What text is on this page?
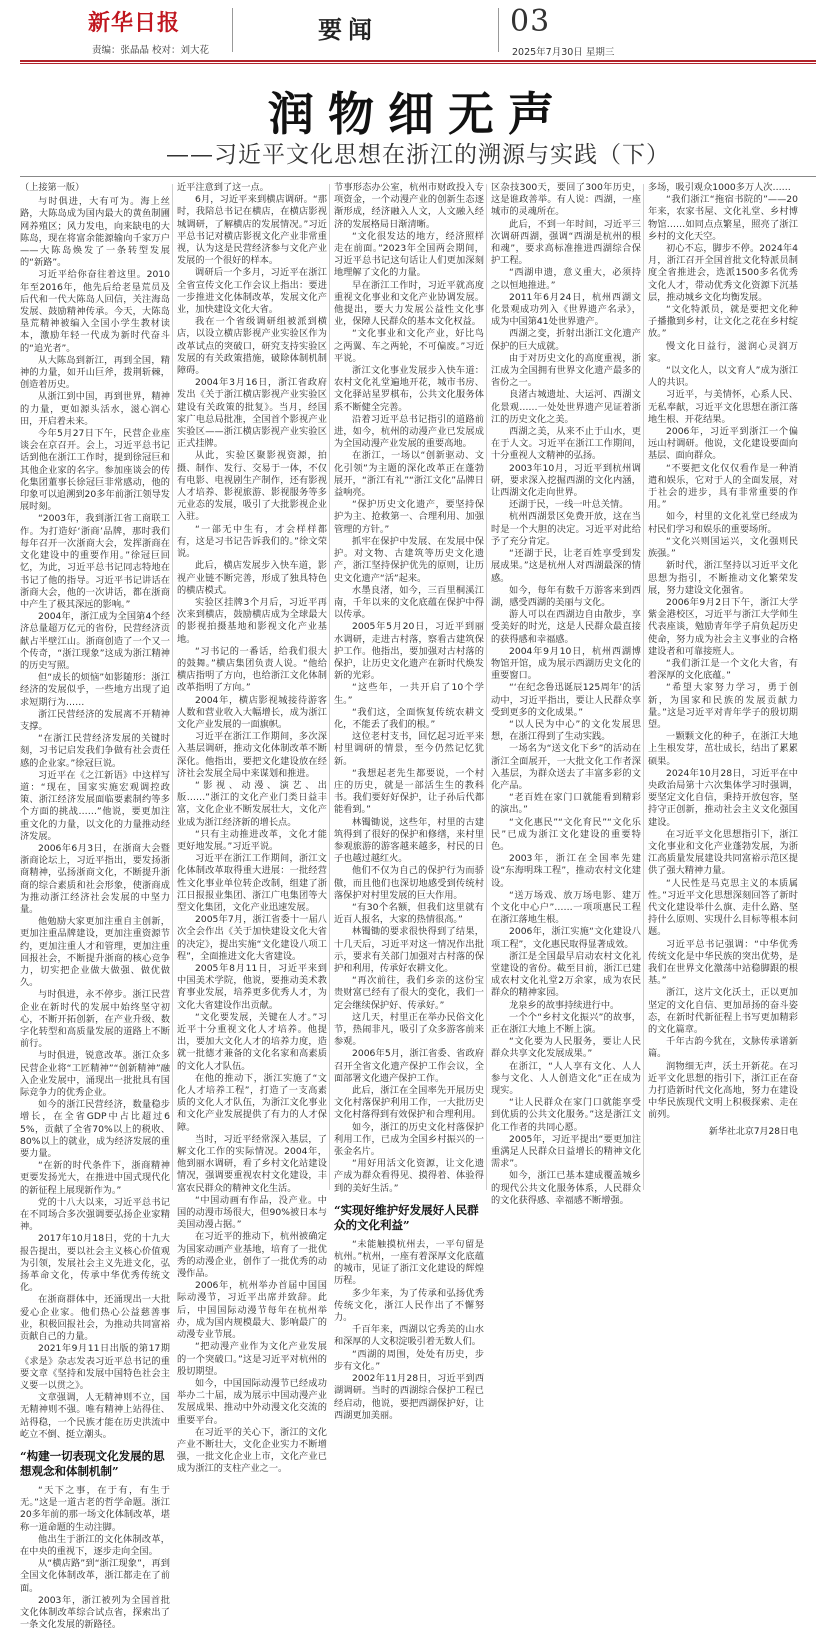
新华日报
责编：张晶晶 校对：刘大花
要闻	03
2025年7月30日 星期三
润物细无声
——习近平文化思想在浙江的溯源与实践（下）

（上接第一版）

与时俱进，大有可为。海上丝路，大陈岛成为国内最大的黄鱼制圃网养殖区；风力发电，向来缺电的大陈岛，现在将富余能源输向千家万户——大陈岛焕发了一条转型发展的“新路”。

习近平给你奋往着这里。2010年至2016年，他先后给老垦荒员及后代和一代大陈岛人回信，关注海岛发展、鼓励精神传承。今天，大陈岛垦荒精神被编入全国小学生教材读本，激励年轻一代成为新时代奋斗的“追光者”。

从大陈岛到新江，再到全国，精神的力量，如开山巨斧，拨荆斩棘，创造着历史。

从浙江到中国，再到世界，精神的力量，更如源头活水，滋心润心田，开启着未来。

今年5月27日下午，民营企业座谈会在京召开。会上，习近平总书记话到他在浙江工作时，提到徐冠巨和其他企业家的名字。参加座谈会的传化集团董事长徐冠巨非常感动，他的印象可以追溯到20多年前浙江领导发展时刻。

“2003年，我到浙江省工商联工作。为打造好‘浙商’品牌，那时我们每年召开一次浙商大会，发挥浙商在文化建设中的重要作用。”徐冠巨回忆，为此，习近平总书记同志特地在书记了他的指导。习近平书记讲话在浙商大会，他的一次讲话，都在浙商中产生了极其深远的影响。”

2004年，浙江成为全国第4个经济总量超万亿元的省份，民营经济贡献占半壁江山。浙商创造了一个又一个传奇，“浙江现象”这成为浙江精神的历史写照。

但“成长的烦恼”如影随形：浙江经济的发展似乎，一些地方出现了追求短期行为……

浙江民营经济的发展离不开精神支撑。

“在浙江民营经济发展的关键时刻，习书记启发我们争做有社会责任感的企业家。”徐冠巨说。

习近平在《之江新语》中这样写道：“现在，国家实施宏观调控政策、浙江经济发展面临要素制约等多个方面的挑战……”他说，要更加注重文化的力量，以文化的力量推动经济发展。

2006年6月3日，在浙商大会暨浙商论坛上，习近平指出，要发扬浙商精神，弘扬浙商文化，不断提升浙商的综合素质和社会形象，使浙商成为推动浙江经济社会发展的中坚力量。

他勉励大家更加注重自主创新，更加注重品牌建设，更加注重资源节约，更加注重人才和管理，更加注重回报社会，不断提升浙商的核心竞争力，切实把企业做大做强、做优做久。

与时俱进，永不停步。浙江民营企业在新时代的发展中始终坚守初心，不断开拓创新，在产业升级、数字化转型和高质量发展的道路上不断前行。

与时俱进，锐意改革。浙江众多民营企业将“工匠精神”“创新精神”融入企业发展中，涌现出一批批具有国际竞争力的优秀企业。

如今的浙江民营经济，数量稳步增长，在全省GDP中占比超过65%，贡献了全省70%以上的税收、80%以上的就业，成为经济发展的重要力量。

“在新的时代条件下，浙商精神更要发扬光大，在推进中国式现代化的新征程上展现新作为。”

党的十八大以来，习近平总书记在不同场合多次强调要弘扬企业家精神。

2017年10月18日，党的十九大报告提出，要以社会主义核心价值观为引领，发展社会主义先进文化，弘扬革命文化，传承中华优秀传统文化。

在浙商群体中，还涌现出一大批爱心企业家。他们热心公益慈善事业，积极回报社会，为推动共同富裕贡献自己的力量。

2021年9月11日出版的第17期《求是》杂志发表习近平总书记的重要文章《坚持和发展中国特色社会主义要一以贯之》。

文章强调，人无精神则不立，国无精神则不强。唯有精神上站得住、站得稳，一个民族才能在历史洪流中屹立不倒、挺立潮头。

“构建一切表现文化发展的思想观念和体制机制”

“天下之事，在于有，有生于无。”这是一道古老的哲学命题。浙江20多年前的那一场文化体制改革，堪称一道命题的生动注脚。

他出生于浙江的文化体制改革，在中央的重视下，逐步走向全国。

从“横店路”到“浙江现象”，再到全国文化体制改革，浙江都走在了前面。

2003年，浙江被列为全国首批文化体制改革综合试点省，探索出了一条文化发展的新路径。

近平注意到了这一点。

6月，习近平来到横店调研。“那时，我陪总书记在横店，在横店影视城调研，了解横店的发展情况。”习近平总书记对横店影视文化产业非常重视，认为这是民营经济参与文化产业发展的一个很好的样本。

调研后一个多月，习近平在浙江全省宣传文化工作会议上指出：要进一步推进文化体制改革，发展文化产业，加快建设文化大省。

我在一个省级调研组被派到横店，以设立横店影视产业实验区作为改革试点的突破口，研究支持实验区发展的有关政策措施，破除体制机制障碍。

2004年3月16日，浙江省政府发出《关于浙江横店影视产业实验区建设有关政策的批复》。当月，经国家广电总局批准，全国首个影视产业实验区——浙江横店影视产业实验区正式挂牌。

从此，实验区聚影视资源，拍摄、制作、发行、交易于一体，不仅有电影、电视剧生产制作，还有影视人才培养、影视旅游、影视服务等多元业态的发展，吸引了大批影视企业入驻。

“一部无中生有，才会样样都有，这是习书记告诉我们的。”徐文荣说。

此后，横店发展步入快车道，影视产业链不断完善，形成了独具特色的横店模式。

实验区挂牌3个月后，习近平再次来到横店，鼓励横店成为全球最大的影视拍摄基地和影视文化产业基地。

“习书记的一番话，给我们很大的鼓舞。”横店集团负责人说。“他给横店指明了方向，也给浙江文化体制改革指明了方向。”

2004年，横店影视城接待游客人数和营业收入大幅增长，成为浙江文化产业发展的一面旗帜。

习近平在浙江工作期间，多次深入基层调研，推动文化体制改革不断深化。他指出，要把文化建设放在经济社会发展全局中来谋划和推进。

“影视、动漫、演艺、出版……”浙江的文化产业门类日益丰富，文化企业不断发展壮大，文化产业成为浙江经济新的增长点。

“只有主动推进改革，文化才能更好地发展。”习近平说。

习近平在浙江工作期间，浙江文化体制改革取得重大进展：一批经营性文化事业单位转企改制，组建了浙江日报报业集团、浙江广电集团等大型文化集团，文化产业迅速发展。

2005年7月，浙江省委十一届八次全会作出《关于加快建设文化大省的决定》，提出实施“文化建设八项工程”，全面推进文化大省建设。

2005年8月11日，习近平来到中国美术学院，他说，要推动美术教育事业发展，培养更多优秀人才，为文化大省建设作出贡献。

“文化要发展，关键在人才。”习近平十分重视文化人才培养。他提出，要加大文化人才的培养力度，造就一批德才兼备的文化名家和高素质的文化人才队伍。

在他的推动下，浙江实施了“文化人才培养工程”，打造了一支高素质的文化人才队伍，为浙江文化事业和文化产业发展提供了有力的人才保障。

当时，习近平经常深入基层，了解文化工作的实际情况。2004年，他到丽水调研，看了乡村文化站建设情况，强调要重视农村文化建设，丰富农民群众的精神文化生活。

“中国动画有作品，没产业。中国的动漫市场很大，但90%被日本与美国动漫占据。”

在习近平的推动下，杭州被确定为国家动画产业基地，培育了一批优秀的动漫企业，创作了一批优秀的动漫作品。

2006年，杭州举办首届中国国际动漫节，习近平出席并致辞。此后，中国国际动漫节每年在杭州举办，成为国内规模最大、影响最广的动漫专业节展。

“把动漫产业作为文化产业发展的一个突破口。”这是习近平对杭州的殷切期望。

如今，中国国际动漫节已经成功举办二十届，成为展示中国动漫产业发展成果、推动中外动漫文化交流的重要平台。

在习近平的关心下，浙江的文化产业不断壮大，文化企业实力不断增强，一批文化企业上市，文化产业已成为浙江的支柱产业之一。

节事形态办公室，杭州市财政投入专项资金，一个动漫产业的创新生态逐渐形成，经济融入人文，人文融入经济的发展格局日渐清晰。

“文化很发达的地方，经济照样走在前面。”2023年全国两会期间，习近平总书记这句话让人们更加深刻地理解了文化的力量。

早在浙江工作时，习近平就高度重视文化事业和文化产业协调发展。他提出，要大力发展公益性文化事业，保障人民群众的基本文化权益。

“文化事业和文化产业，好比鸟之两翼、车之两轮，不可偏废。”习近平说。

浙江文化事业发展步入快车道：农村文化礼堂遍地开花，城市书房、文化驿站星罗棋布，公共文化服务体系不断健全完善。

沿着习近平总书记指引的道路前进，如今，杭州的动漫产业已发展成为全国动漫产业发展的重要高地。

在浙江，一场以“创新驱动、文化引领”为主题的深化改革正在蓬勃展开，“浙江有礼”“浙江文化”品牌日益响亮。

“保护历史文化遗产，要坚持保护为主、抢救第一、合理利用、加强管理的方针。”

抓牢在保护中发展、在发展中保护。对文物、古建筑等历史文化遗产，浙江坚持保护优先的原则，让历史文化遗产“活”起来。

水墨良渚，如今，三百里桐溪江南，千年以来的文化底蕴在保护中得以传承。

2005年5月20日，习近平到丽水调研，走进古村落，察看古建筑保护工作。他指出，要加强对古村落的保护，让历史文化遗产在新时代焕发新的光彩。

“这些年，一共开启了10个学生。”

“我们这，全面恢复传统农耕文化，不能丢了我们的根。”

这位老村支书，回忆起习近平来村里调研的情景，至今仍然记忆犹新。

“我想起老先生都要说，一个村庄的历史，就是一部活生生的教科书。我们要好好保护，让子孙后代都能看到。”

林镯锄说，这些年，村里的古建筑得到了很好的保护和修缮，来村里参观旅游的游客越来越多，村民的日子也越过越红火。

他们不仅为自己的保护行为而骄傲，而且他们也深切地感受到传统村落保护对村里发展的巨大作用。

“有30个名额，但我们这里就有近百人报名，大家的热情很高。”

林镯锄的要求很快得到了结果，十几天后，习近平对这一情况作出批示，要求有关部门加强对古村落的保护和利用，传承好农耕文化。

“再次前往，我们乡亲的这份宝贵财富已经有了很大的变化，我们一定会继续保护好、传承好。”

这几天，村里正在举办民俗文化节，热闹非凡，吸引了众多游客前来参观。

2006年5月，浙江省委、省政府召开全省文化遗产保护工作会议，全面部署文化遗产保护工作。

此后，浙江在全国率先开展历史文化村落保护利用工作，一大批历史文化村落得到有效保护和合理利用。

如今，浙江的历史文化村落保护利用工作，已成为全国乡村振兴的一张金名片。

“用好用活文化资源，让文化遗产成为群众看得见、摸得着、体验得到的美好生活。”

“实现好维护好发展好人民群众的文化利益”

“未能触摸杭州去，一平句留是杭州。”杭州，一座有着深厚文化底蕴的城市，见证了浙江文化建设的辉煌历程。

多少年来，为了传承和弘扬优秀传统文化，浙江人民作出了不懈努力。

千百年来，西湖以它秀美的山水和深厚的人文积淀吸引着无数人们。

“西湖的周围，处处有历史，步步有文化。”

2002年11月28日，习近平到西湖调研。当时的西湖综合保护工程已经启动，他说，要把西湖保护好，让西湖更加美丽。

区杂技300天，要回了300年历史，这是谁政善举。有人说：西湖，一座城市的灵魂所在。

此后，不到一年时间，习近平三次调研西湖，强调“西湖是杭州的根和魂”，要求高标准推进西湖综合保护工程。

“西湖申遗，意义重大，必须持之以恒地推进。”

2011年6月24日，杭州西湖文化景观成功列入《世界遗产名录》，成为中国第41处世界遗产。

西湖之变，折射出浙江文化遗产保护的巨大成就。

由于对历史文化的高度重视，浙江成为全国拥有世界文化遗产最多的省份之一。

良渚古城遗址、大运河、西湖文化景观……一处处世界遗产见证着浙江的历史文化之美。

西湖之美，从来不止于山水，更在于人文。习近平在浙江工作期间，十分重视人文精神的弘扬。

2003年10月，习近平到杭州调研，要求深入挖掘西湖的文化内涵，让西湖文化走向世界。

还湖于民，一线一叶总关情。

杭州西湖景区免费开放，这在当时是一个大胆的决定。习近平对此给予了充分肯定。

“还湖于民，让老百姓享受到发展成果。”这是杭州人对西湖最深的情感。

如今，每年有数千万游客来到西湖，感受西湖的美丽与文化。

游人可以在西湖边自由散步，享受美好的时光，这是人民群众最直接的获得感和幸福感。

2004年9月10日，杭州西湖博物馆开馆，成为展示西湖历史文化的重要窗口。

“‘在纪念鲁迅诞辰125周年’的活动中，习近平指出，要让人民群众享受到更多的文化成果。”

“以人民为中心”的文化发展思想，在浙江得到了生动实践。

一场名为“送文化下乡”的活动在浙江全面展开，一大批文化工作者深入基层，为群众送去了丰富多彩的文化产品。

“老百姓在家门口就能看到精彩的演出。”

“文化惠民”“文化育民”“文化乐民”已成为浙江文化建设的重要特色。

2003年，浙江在全国率先建设“东海明珠工程”，推动农村文化建设。

“送万场戏、放万场电影、建万个文化中心户”……一项项惠民工程在浙江落地生根。

2006年，浙江实施“文化建设八项工程”，文化惠民取得显著成效。

浙江是全国最早启动农村文化礼堂建设的省份。截至目前，浙江已建成农村文化礼堂2万余家，成为农民群众的精神家园。

龙泉乡的故事持续进行中。

一个个“乡村文化振兴”的故事，正在浙江大地上不断上演。

“文化要为人民服务，要让人民群众共享文化发展成果。”

在浙江，“人人享有文化、人人参与文化、人人创造文化”正在成为现实。

“让人民群众在家门口就能享受到优质的公共文化服务。”这是浙江文化工作者的共同心愿。

2005年，习近平提出“要更加注重满足人民群众日益增长的精神文化需求”。

如今，浙江已基本建成覆盖城乡的现代公共文化服务体系，人民群众的文化获得感、幸福感不断增强。

多场，吸引观众1000多万人次……

“我们浙江“拖宿书院的”——20年来，农家书屋、文化礼堂、乡村博物馆……如同点点繁星，照亮了浙江乡村的文化天空。

初心不忘，脚步不停。2024年4月，浙江召开全国首批文化特派员制度全省推进会，选派1500多名优秀文化人才，带动优秀文化资源下沉基层，推动城乡文化均衡发展。

“文化特派员，就是要把文化种子播撒到乡村，让文化之花在乡村绽放。”

慢文化日益行，滋润心灵润万家。

“以文化人，以文育人”成为浙江人的共识。

习近平，与美情怀，心系人民、无私奉献，习近平文化思想在浙江落地生根、开花结果。

2006年，习近平到浙江一个偏远山村调研。他说，文化建设要面向基层、面向群众。

“不要把文化仅仅看作是一种消遣和娱乐，它对于人的全面发展，对于社会的进步，具有非常重要的作用。”

如今，村里的文化礼堂已经成为村民们学习和娱乐的重要场所。

“文化兴则国运兴，文化强则民族强。”

新时代，浙江坚持以习近平文化思想为指引，不断推动文化繁荣发展，努力建设文化强省。

2006年9月2日下午，浙江大学紫金港校区，习近平与浙江大学师生代表座谈，勉励青年学子肩负起历史使命，努力成为社会主义事业的合格建设者和可靠接班人。

“我们浙江是一个文化大省，有着深厚的文化底蕴。”

“希望大家努力学习，勇于创新，为国家和民族的发展贡献力量。”这是习近平对青年学子的殷切期望。

一颗颗文化的种子，在浙江大地上生根发芽，茁壮成长，结出了累累硕果。

2024年10月28日，习近平在中央政治局第十六次集体学习时强调，要坚定文化自信，秉持开放包容，坚持守正创新，推动社会主义文化强国建设。

在习近平文化思想指引下，浙江文化事业和文化产业蓬勃发展，为浙江高质量发展建设共同富裕示范区提供了强大精神力量。

“人民性是马克思主义的本质属性。”习近平文化思想深刻回答了新时代文化建设举什么旗、走什么路、坚持什么原则、实现什么目标等根本问题。

习近平总书记强调：“中华优秀传统文化是中华民族的突出优势，是我们在世界文化激荡中站稳脚跟的根基。”

浙江，这片文化沃土，正以更加坚定的文化自信、更加昂扬的奋斗姿态，在新时代新征程上书写更加精彩的文化篇章。

千年古韵今犹在，文脉传承谱新篇。

润物细无声，沃土开新花。在习近平文化思想的指引下，浙江正在奋力打造新时代文化高地，努力在建设中华民族现代文明上积极探索、走在前列。

新华社北京7月28日电
